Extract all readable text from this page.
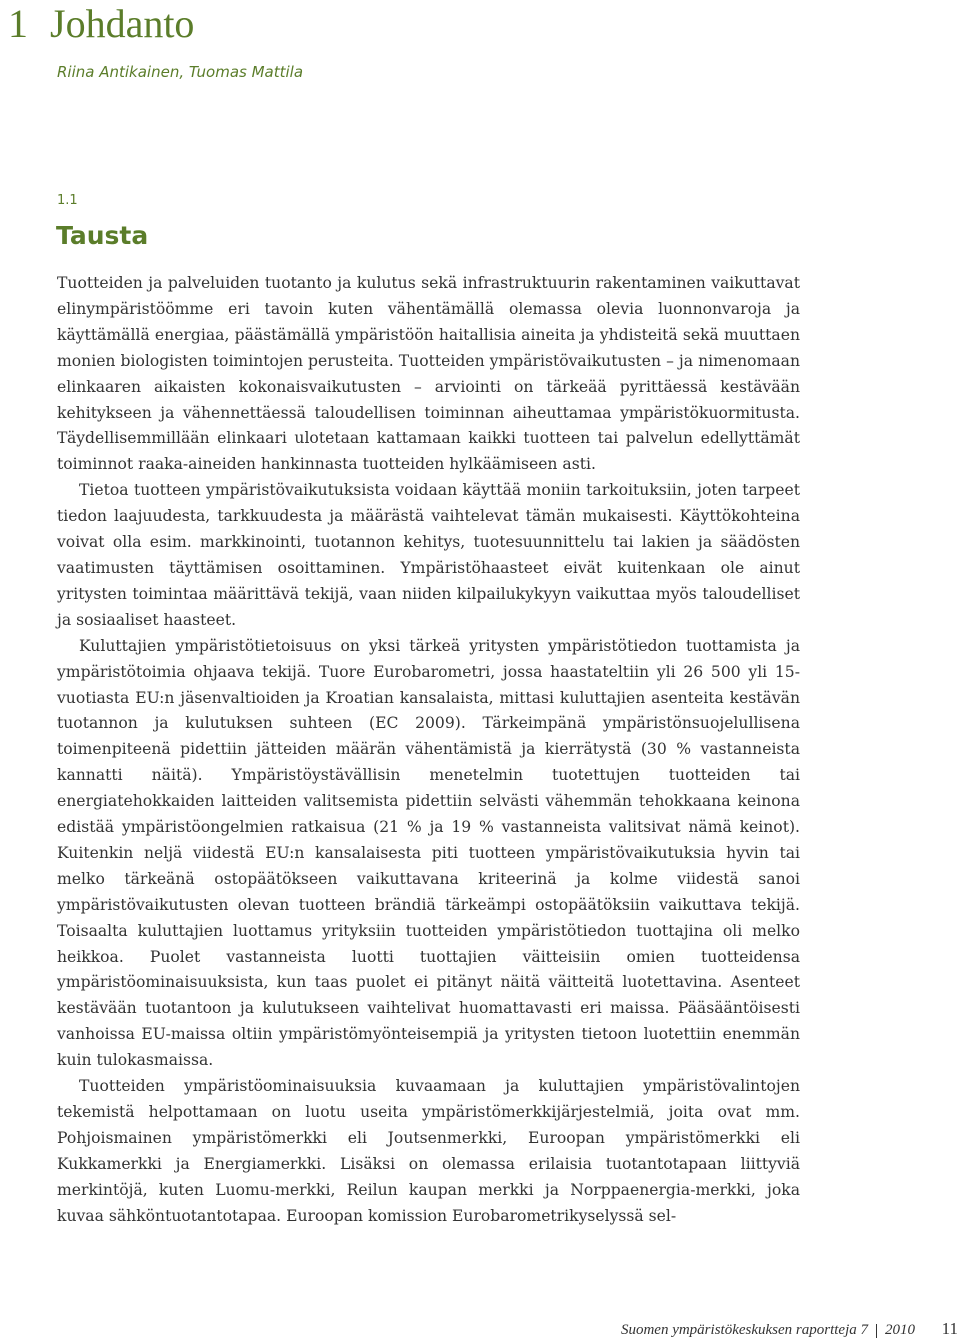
1 Johdanto
Riina Antikainen, Tuomas Mattila
1.1
Tausta

Tuotteiden ja palveluiden tuotanto ja kulutus sekä infrastruktuurin rakentaminen vaikuttavat elinympäristöömme eri tavoin kuten vähentämällä olemassa olevia luonnonvaroja ja käyttämällä energiaa, päästämällä ympäristöön haitallisia aineita ja yhdisteitä sekä muuttaen monien biologisten toimintojen perusteita. Tuotteiden ympäristövaikutusten – ja nimenomaan elinkaaren aikaisten kokonaisvaikutusten – arviointi on tärkeää pyrittäessä kestävään kehitykseen ja vähennettäessä taloudellisen toiminnan aiheuttamaa ympäristökuormitusta. Täydellisemmillään elinkaari ulotetaan kattamaan kaikki tuotteen tai palvelun edellyttämät toiminnot raaka-aineiden hankinnasta tuotteiden hylkäämiseen asti.

Tietoa tuotteen ympäristövaikutuksista voidaan käyttää moniin tarkoituksiin, joten tarpeet tiedon laajuudesta, tarkkuudesta ja määrästä vaihtelevat tämän mukaisesti. Käyttökohteina voivat olla esim. markkinointi, tuotannon kehitys, tuotesuunnittelu tai lakien ja säädösten vaatimusten täyttämisen osoittaminen. Ympäristöhaasteet eivät kuitenkaan ole ainut yritysten toimintaa määrittävä tekijä, vaan niiden kilpailukykyyn vaikuttaa myös taloudelliset ja sosiaaliset haasteet.

Kuluttajien ympäristötietoisuus on yksi tärkeä yritysten ympäristötiedon tuottamista ja ympäristötoimia ohjaava tekijä. Tuore Eurobarometri, jossa haastateltiin yli 26 500 yli 15-vuotiasta EU:n jäsenvaltioiden ja Kroatian kansalaista, mittasi kuluttajien asenteita kestävän tuotannon ja kulutuksen suhteen (EC 2009). Tärkeimpänä ympäristönsuojelullisena toimenpiteenä pidettiin jätteiden määrän vähentämistä ja kierrätystä (30 % vastanneista kannatti näitä). Ympäristöystävällisin menetelmin tuotettujen tuotteiden tai energiatehokkaiden laitteiden valitsemista pidettiin selvästi vähemmän tehokkaana keinona edistää ympäristöongelmien ratkaisua (21 % ja 19 % vastanneista valitsivat nämä keinot). Kuitenkin neljä viidestä EU:n kansalaisesta piti tuotteen ympäristövaikutuksia hyvin tai melko tärkeänä ostopäätökseen vaikuttavana kriteerinä ja kolme viidestä sanoi ympäristövaikutusten olevan tuotteen brändiä tärkeämpi ostopäätöksiin vaikuttava tekijä. Toisaalta kuluttajien luottamus yrityksiin tuotteiden ympäristötiedon tuottajina oli melko heikkoa. Puolet vastanneista luotti tuottajien väitteisiin omien tuotteidensa ympäristöominaisuuksista, kun taas puolet ei pitänyt näitä väitteitä luotettavina. Asenteet kestävään tuotantoon ja kulutukseen vaihtelivat huomattavasti eri maissa. Pääsääntöisesti vanhoissa EU-maissa oltiin ympäristömyönteisempiä ja yritysten tietoon luotettiin enemmän kuin tulokasmaissa.

Tuotteiden ympäristöominaisuuksia kuvaamaan ja kuluttajien ympäristövalintojen tekemistä helpottamaan on luotu useita ympäristömerkkijärjestelmiä, joita ovat mm. Pohjoismainen ympäristömerkki eli Joutsenmerkki, Euroopan ympäristömerkki eli Kukkamerkki ja Energiamerkki. Lisäksi on olemassa erilaisia tuotantotapaan liittyviä merkintöjä, kuten Luomu-merkki, Reilun kaupan merkki ja Norppaenergia-merkki, joka kuvaa sähköntuotantotapaa. Euroopan komission Eurobarometrikyselyssä sel-

Suomen ympäristökeskuksen raportteja 7 2010 11
